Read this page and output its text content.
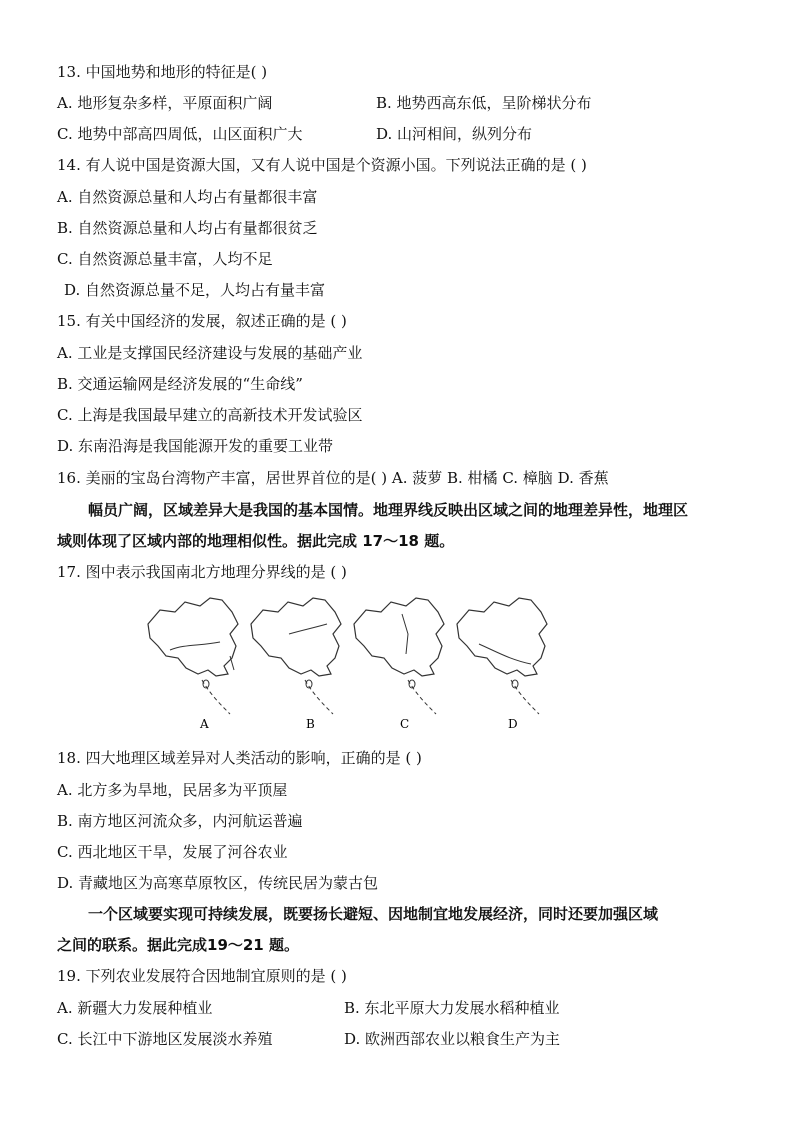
13. 中国地势和地形的特征是( )
A. 地形复杂多样，平原面积广阔	B. 地势西高东低，呈阶梯状分布
C. 地势中部高四周低，山区面积广大	D. 山河相间，纵列分布
14. 有人说中国是资源大国，又有人说中国是个资源小国。下列说法正确的是 ( )
A. 自然资源总量和人均占有量都很丰富
B. 自然资源总量和人均占有量都很贫乏
C. 自然资源总量丰富，人均不足
D. 自然资源总量不足，人均占有量丰富
15. 有关中国经济的发展，叙述正确的是 ( )
A. 工业是支撑国民经济建设与发展的基础产业
B. 交通运输网是经济发展的“生命线”
C. 上海是我国最早建立的高新技术开发试验区
D. 东南沿海是我国能源开发的重要工业带
16. 美丽的宝岛台湾物产丰富，居世界首位的是( ) A. 菠萝 B. 柑橘 C. 樟脑 D. 香蕉
幅员广阔，区域差异大是我国的基本国情。地理界线反映出区域之间的地理差异性，地理区
域则体现了区域内部的地理相似性。据此完成 17～18 题。
17. 图中表示我国南北方地理分界线的是 ( )
A	B	C	D
18. 四大地理区域差异对人类活动的影响，正确的是 ( )
A. 北方多为旱地，民居多为平顶屋
B. 南方地区河流众多，内河航运普遍
C. 西北地区干旱，发展了河谷农业
D. 青藏地区为高寒草原牧区，传统民居为蒙古包
一个区域要实现可持续发展，既要扬长避短、因地制宜地发展经济，同时还要加强区域
之间的联系。据此完成19～21 题。
19. 下列农业发展符合因地制宜原则的是 ( )
A. 新疆大力发展种植业	B. 东北平原大力发展水稻种植业
C. 长江中下游地区发展淡水养殖	D. 欧洲西部农业以粮食生产为主
